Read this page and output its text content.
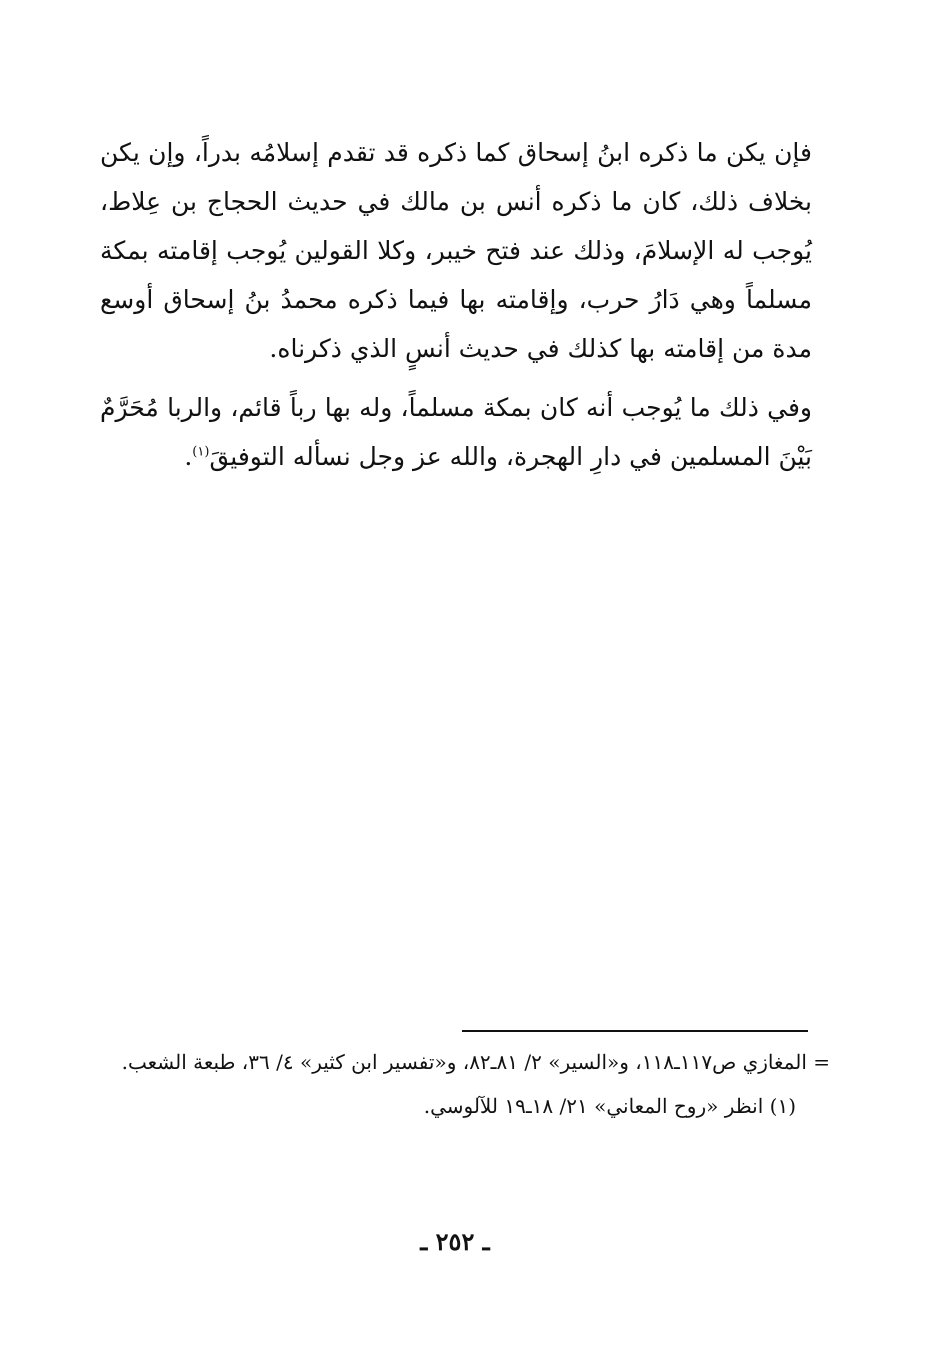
فإن يكن ما ذكره ابنُ إسحاق كما ذكره قد تقدم إسلامُه بدراً، وإن يكن بخلاف ذلك، كان ما ذكره أنس بن مالك في حديث الحجاج بن عِلاط، يُوجب له الإسلامَ، وذلك عند فتح خيبر، وكلا القولين يُوجب إقامته بمكة مسلماً وهي دَارُ حرب، وإقامته بها فيما ذكره محمدُ بنُ إسحاق أوسع مدة من إقامته بها كذلك في حديث أنسٍ الذي ذكرناه.

وفي ذلك ما يُوجب أنه كان بمكة مسلماً، وله بها رباً قائم، والربا مُحَرَّمٌ بَيْنَ المسلمين في دارِ الهجرة، والله عز وجل نسأله التوفيقَ$^{(١)}$.

= المغازي ص١١٧ـ١١٨، و«السير» ٢/ ٨١ـ٨٢، و«تفسير ابن كثير» ٤/ ٣٦، طبعة الشعب.

(١) انظر «روح المعاني» ٢١/ ١٨ـ١٩ للآلوسي.

ـ ٢٥٢ ـ
